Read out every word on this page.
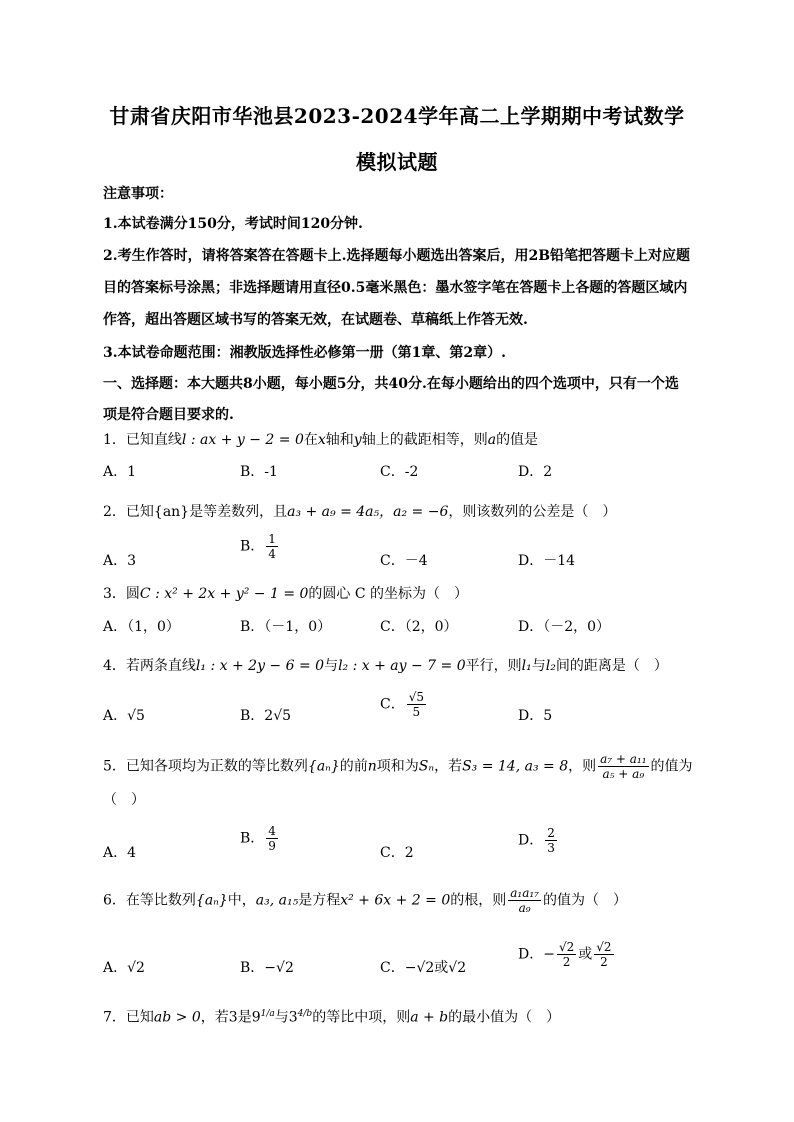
甘肃省庆阳市华池县2023-2024学年高二上学期期中考试数学
模拟试题
注意事项：
1.本试卷满分150分，考试时间120分钟.
2.考生作答时，请将答案答在答题卡上.选择题每小题选出答案后，用2B铅笔把答题卡上对应题
目的答案标号涂黑；非选择题请用直径0.5毫米黑色：墨水签字笔在答题卡上各题的答题区域内
作答，超出答题区域书写的答案无效，在试题卷、草稿纸上作答无效.
3.本试卷命题范围：湘教版选择性必修第一册（第1章、第2章）.
一、选择题：本大题共8小题，每小题5分，共40分.在每小题给出的四个选项中，只有一个选
项是符合题目要求的.
1．已知直线l : ax + y − 2 = 0在x轴和y轴上的截距相等，则a的值是
A．1	B．-1	C．-2	D．2
2．已知{an}是等差数列，且a₃ + a₉ = 4a₅，a₂ = −6，则该数列的公差是（　）
A．3
B． $\frac{1}{4}$	C．－4	D．－14
3．圆C : x² + 2x + y² − 1 = 0的圆心 C 的坐标为（　）
A．（1，0）	B．（－1，0）	C．（2，0）	D．（－2，0）
4．若两条直线l₁ : x + 2y − 6 = 0与l₂ : x + ay − 7 = 0平行，则l₁与l₂间的距离是（　）
A．√5	B．2√5
C． $\frac{√5}{5}$	D．5
5．已知各项均为正数的等比数列{aₙ}的前n项和为Sₙ，若S₃ = 14, a₃ = 8，则 $\frac{\text{a₇ + a₁₁}}{\text{a₅ + a₉}}$ 的值为
（　）
A．4
B． $\frac{4}{9}$	C．2
D． $\frac{2}{3}$
6．在等比数列{aₙ}中，a₃, a₁₅是方程x² + 6x + 2 = 0的根，则 $\frac{\text{a₁a₁₇}}{\text{a₉}}$ 的值为（　）
A．√2	B．−√2	C．−√2或√2
D．− $\frac{√2}{2}$ 或 $\frac{√2}{2}$
7．已知ab > 0，若3是$9^{1/a}$与$3^{4/b}$的等比中项，则a + b的最小值为（　）
